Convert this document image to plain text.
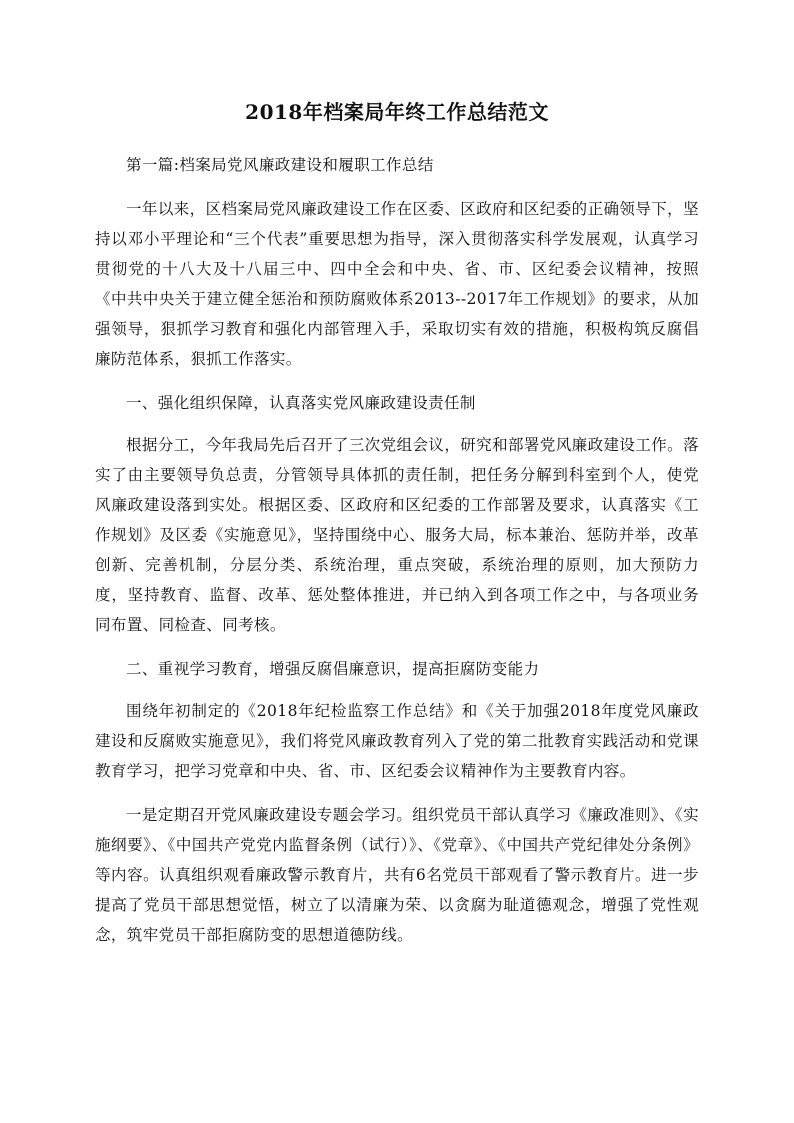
2018年档案局年终工作总结范文

第一篇:档案局党风廉政建设和履职工作总结

一年以来，区档案局党风廉政建设工作在区委、区政府和区纪委的正确领导下，坚持以邓小平理论和“三个代表”重要思想为指导，深入贯彻落实科学发展观，认真学习贯彻党的十八大及十八届三中、四中全会和中央、省、市、区纪委会议精神，按照《中共中央关于建立健全惩治和预防腐败体系2013--2017年工作规划》的要求，从加强领导，狠抓学习教育和强化内部管理入手，采取切实有效的措施，积极构筑反腐倡廉防范体系，狠抓工作落实。

一、强化组织保障，认真落实党风廉政建设责任制

根据分工，今年我局先后召开了三次党组会议，研究和部署党风廉政建设工作。落实了由主要领导负总责，分管领导具体抓的责任制，把任务分解到科室到个人，使党风廉政建设落到实处。根据区委、区政府和区纪委的工作部署及要求，认真落实《工作规划》及区委《实施意见》，坚持围绕中心、服务大局，标本兼治、惩防并举，改革创新、完善机制，分层分类、系统治理，重点突破，系统治理的原则，加大预防力度，坚持教育、监督、改革、惩处整体推进，并已纳入到各项工作之中，与各项业务同布置、同检查、同考核。

二、重视学习教育，增强反腐倡廉意识，提高拒腐防变能力

围绕年初制定的《2018年纪检监察工作总结》和《关于加强2018年度党风廉政建设和反腐败实施意见》，我们将党风廉政教育列入了党的第二批教育实践活动和党课教育学习，把学习党章和中央、省、市、区纪委会议精神作为主要教育内容。

一是定期召开党风廉政建设专题会学习。组织党员干部认真学习《廉政准则》、《实施纲要》、《中国共产党党内监督条例（试行）》、《党章》、《中国共产党纪律处分条例》等内容。认真组织观看廉政警示教育片，共有6名党员干部观看了警示教育片。进一步提高了党员干部思想觉悟，树立了以清廉为荣、以贪腐为耻道德观念，增强了党性观念，筑牢党员干部拒腐防变的思想道德防线。
